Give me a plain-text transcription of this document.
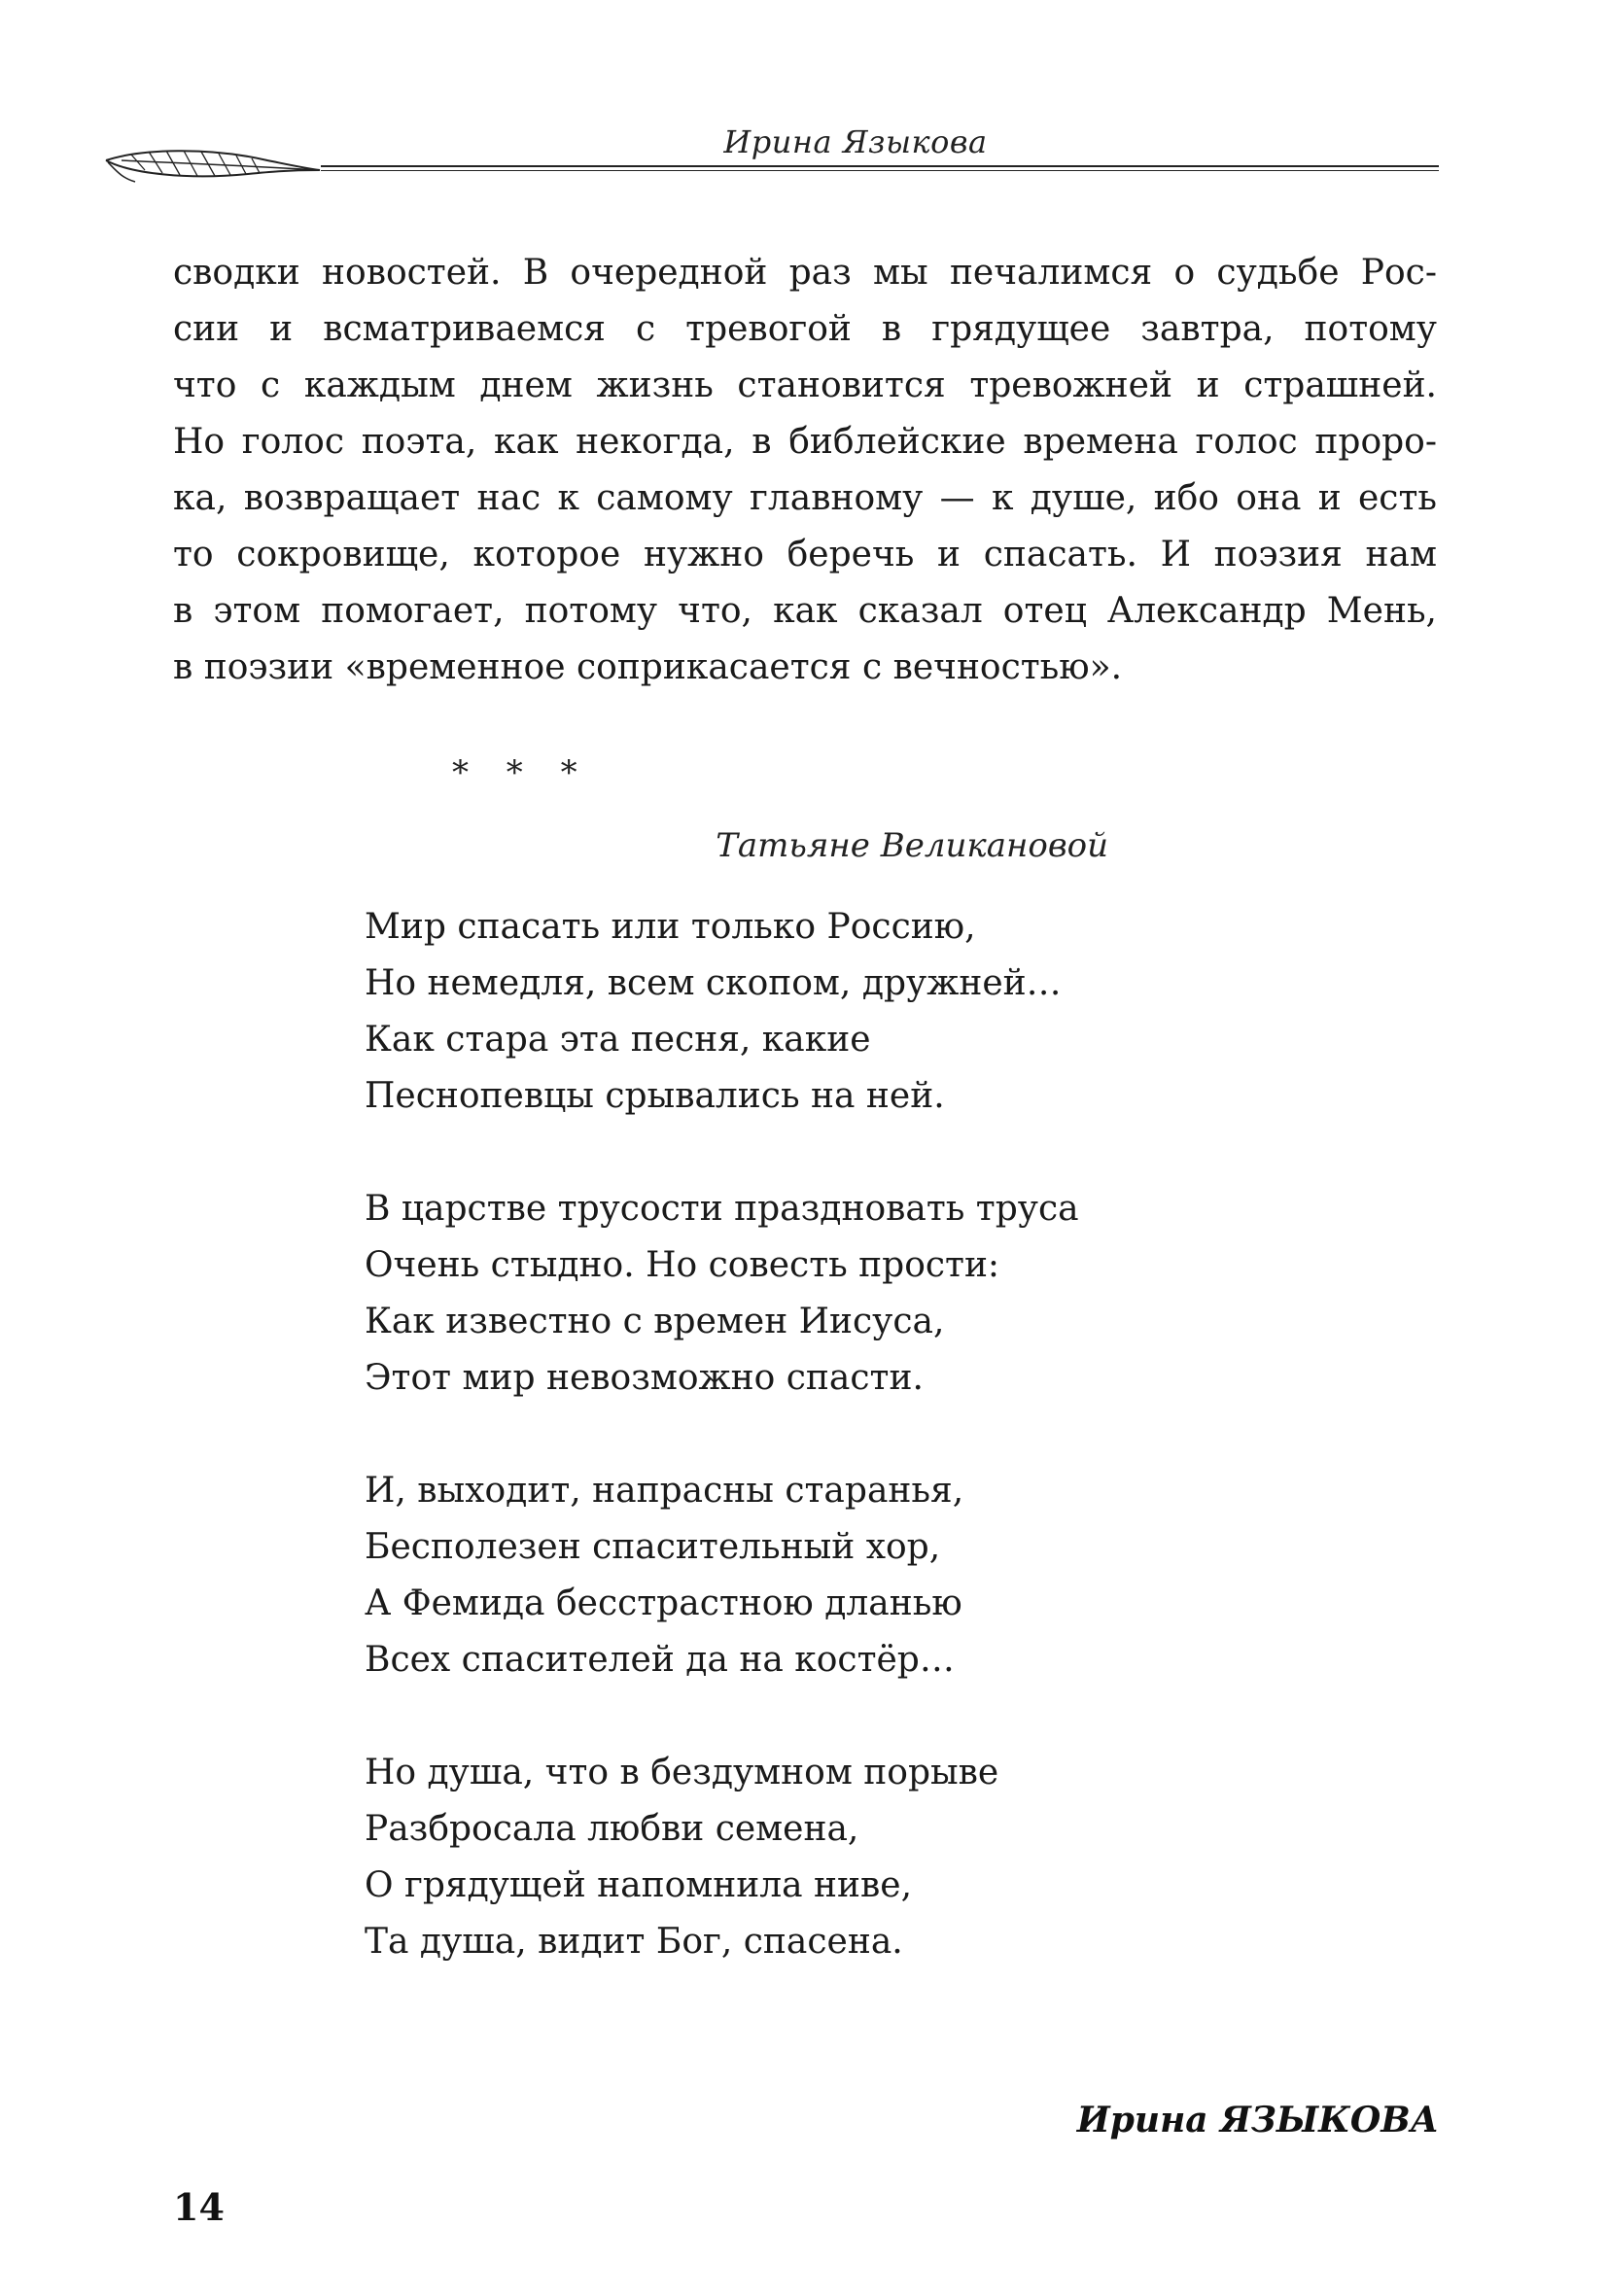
Ирина Языкова
сводки новостей. В очередной раз мы печалимся о судьбе Рос-
сии и всматриваемся с тревогой в грядущее завтра, потому
что с каждым днем жизнь становится тревожней и страшней.
Но голос поэта, как некогда, в библейские времена голос проро-
ка, возвращает нас к самому главному — к душе, ибо она и есть
то сокровище, которое нужно беречь и спасать. И поэзия нам
в этом помогает, потому что, как сказал отец Александр Мень,
в поэзии «временное соприкасается с вечностью».
* * *
Татьяне Великановой
Мир спасать или только Россию,
Но немедля, всем скопом, дружней…
Как стара эта песня, какие
Песнопевцы срывались на ней.
В царстве трусости праздновать труса
Очень стыдно. Но совесть прости:
Как известно с времен Иисуса,
Этот мир невозможно спасти.
И, выходит, напрасны старанья,
Бесполезен спасительный хор,
А Фемида бесстрастною дланью
Всех спасителей да на костёр…
Но душа, что в бездумном порыве
Разбросала любви семена,
О грядущей напомнила ниве,
Та душа, видит Бог, спасена.
Ирина ЯЗЫКОВА
14
